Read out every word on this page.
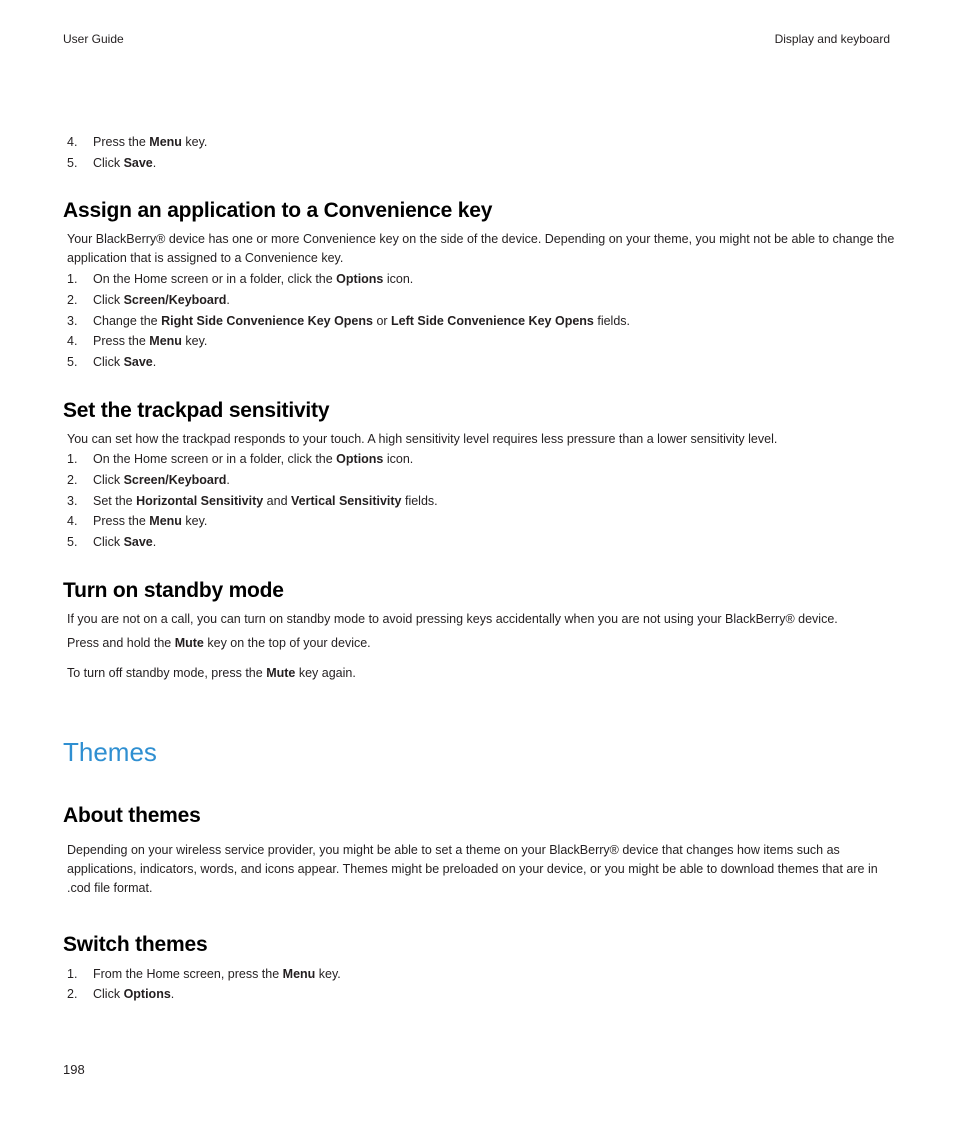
User Guide	Display and keyboard
4. Press the Menu key.
5. Click Save.
Assign an application to a Convenience key
Your BlackBerry® device has one or more Convenience key on the side of the device. Depending on your theme, you might not be able to change the application that is assigned to a Convenience key.
1. On the Home screen or in a folder, click the Options icon.
2. Click Screen/Keyboard.
3. Change the Right Side Convenience Key Opens or Left Side Convenience Key Opens fields.
4. Press the Menu key.
5. Click Save.
Set the trackpad sensitivity
You can set how the trackpad responds to your touch. A high sensitivity level requires less pressure than a lower sensitivity level.
1. On the Home screen or in a folder, click the Options icon.
2. Click Screen/Keyboard.
3. Set the Horizontal Sensitivity and Vertical Sensitivity fields.
4. Press the Menu key.
5. Click Save.
Turn on standby mode
If you are not on a call, you can turn on standby mode to avoid pressing keys accidentally when you are not using your BlackBerry® device.
Press and hold the Mute key on the top of your device.
To turn off standby mode, press the Mute key again.
Themes
About themes
Depending on your wireless service provider, you might be able to set a theme on your BlackBerry® device that changes how items such as applications, indicators, words, and icons appear. Themes might be preloaded on your device, or you might be able to download themes that are in .cod file format.
Switch themes
1. From the Home screen, press the Menu key.
2. Click Options.
198
